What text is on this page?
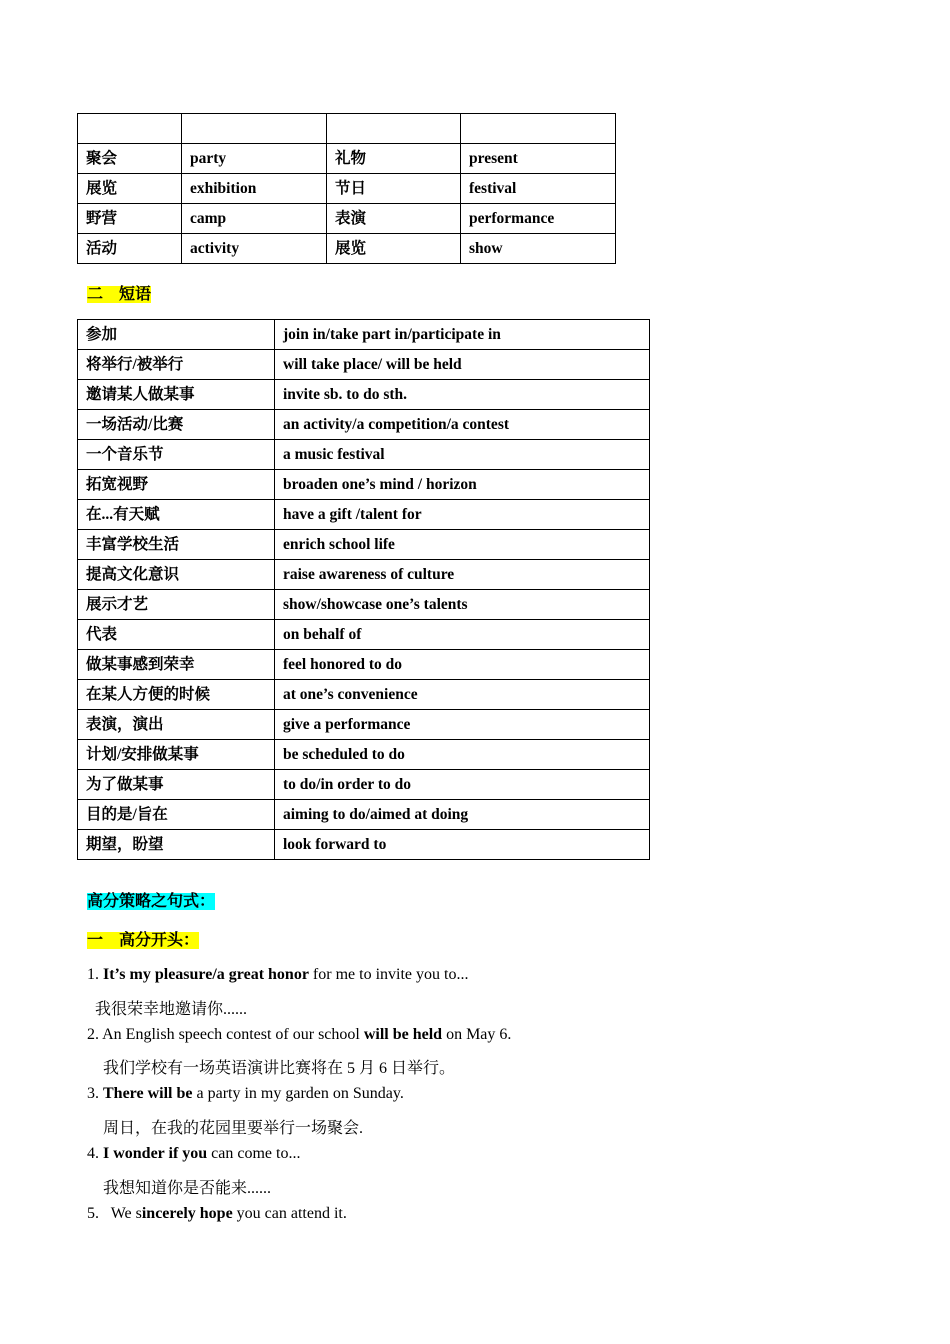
聚会	party	礼物	present
展览	exhibition	节日	festival
野营	camp	表演	performance
活动	activity	展览	show
二　短语
参加	join in/take part in/participate in
将举行/被举行	will take place/ will be held
邀请某人做某事	invite sb. to do sth.
一场活动/比赛	an activity/a competition/a contest
一个音乐节	a music festival
拓宽视野	broaden one’s mind / horizon
在...有天赋	have a gift /talent for
丰富学校生活	enrich school life
提高文化意识	raise awareness of culture
展示才艺	show/showcase one’s talents
代表	on behalf of
做某事感到荣幸	feel honored to do
在某人方便的时候	at one’s convenience
表演，演出	give a performance
计划/安排做某事	be scheduled to do
为了做某事	to do/in order to do
目的是/旨在	aiming to do/aimed at doing
期望，盼望	look forward to
高分策略之句式：
一　高分开头：
1. It’s my pleasure/a great honor for me to invite you to...
我很荣幸地邀请你......
2. An English speech contest of our school will be held on May 6.
我们学校有一场英语演讲比赛将在 5 月 6 日举行。
3. There will be a party in my garden on Sunday.
周日，在我的花园里要举行一场聚会.
4. I wonder if you can come to...
我想知道你是否能来......
5.   We sincerely hope you can attend it.
